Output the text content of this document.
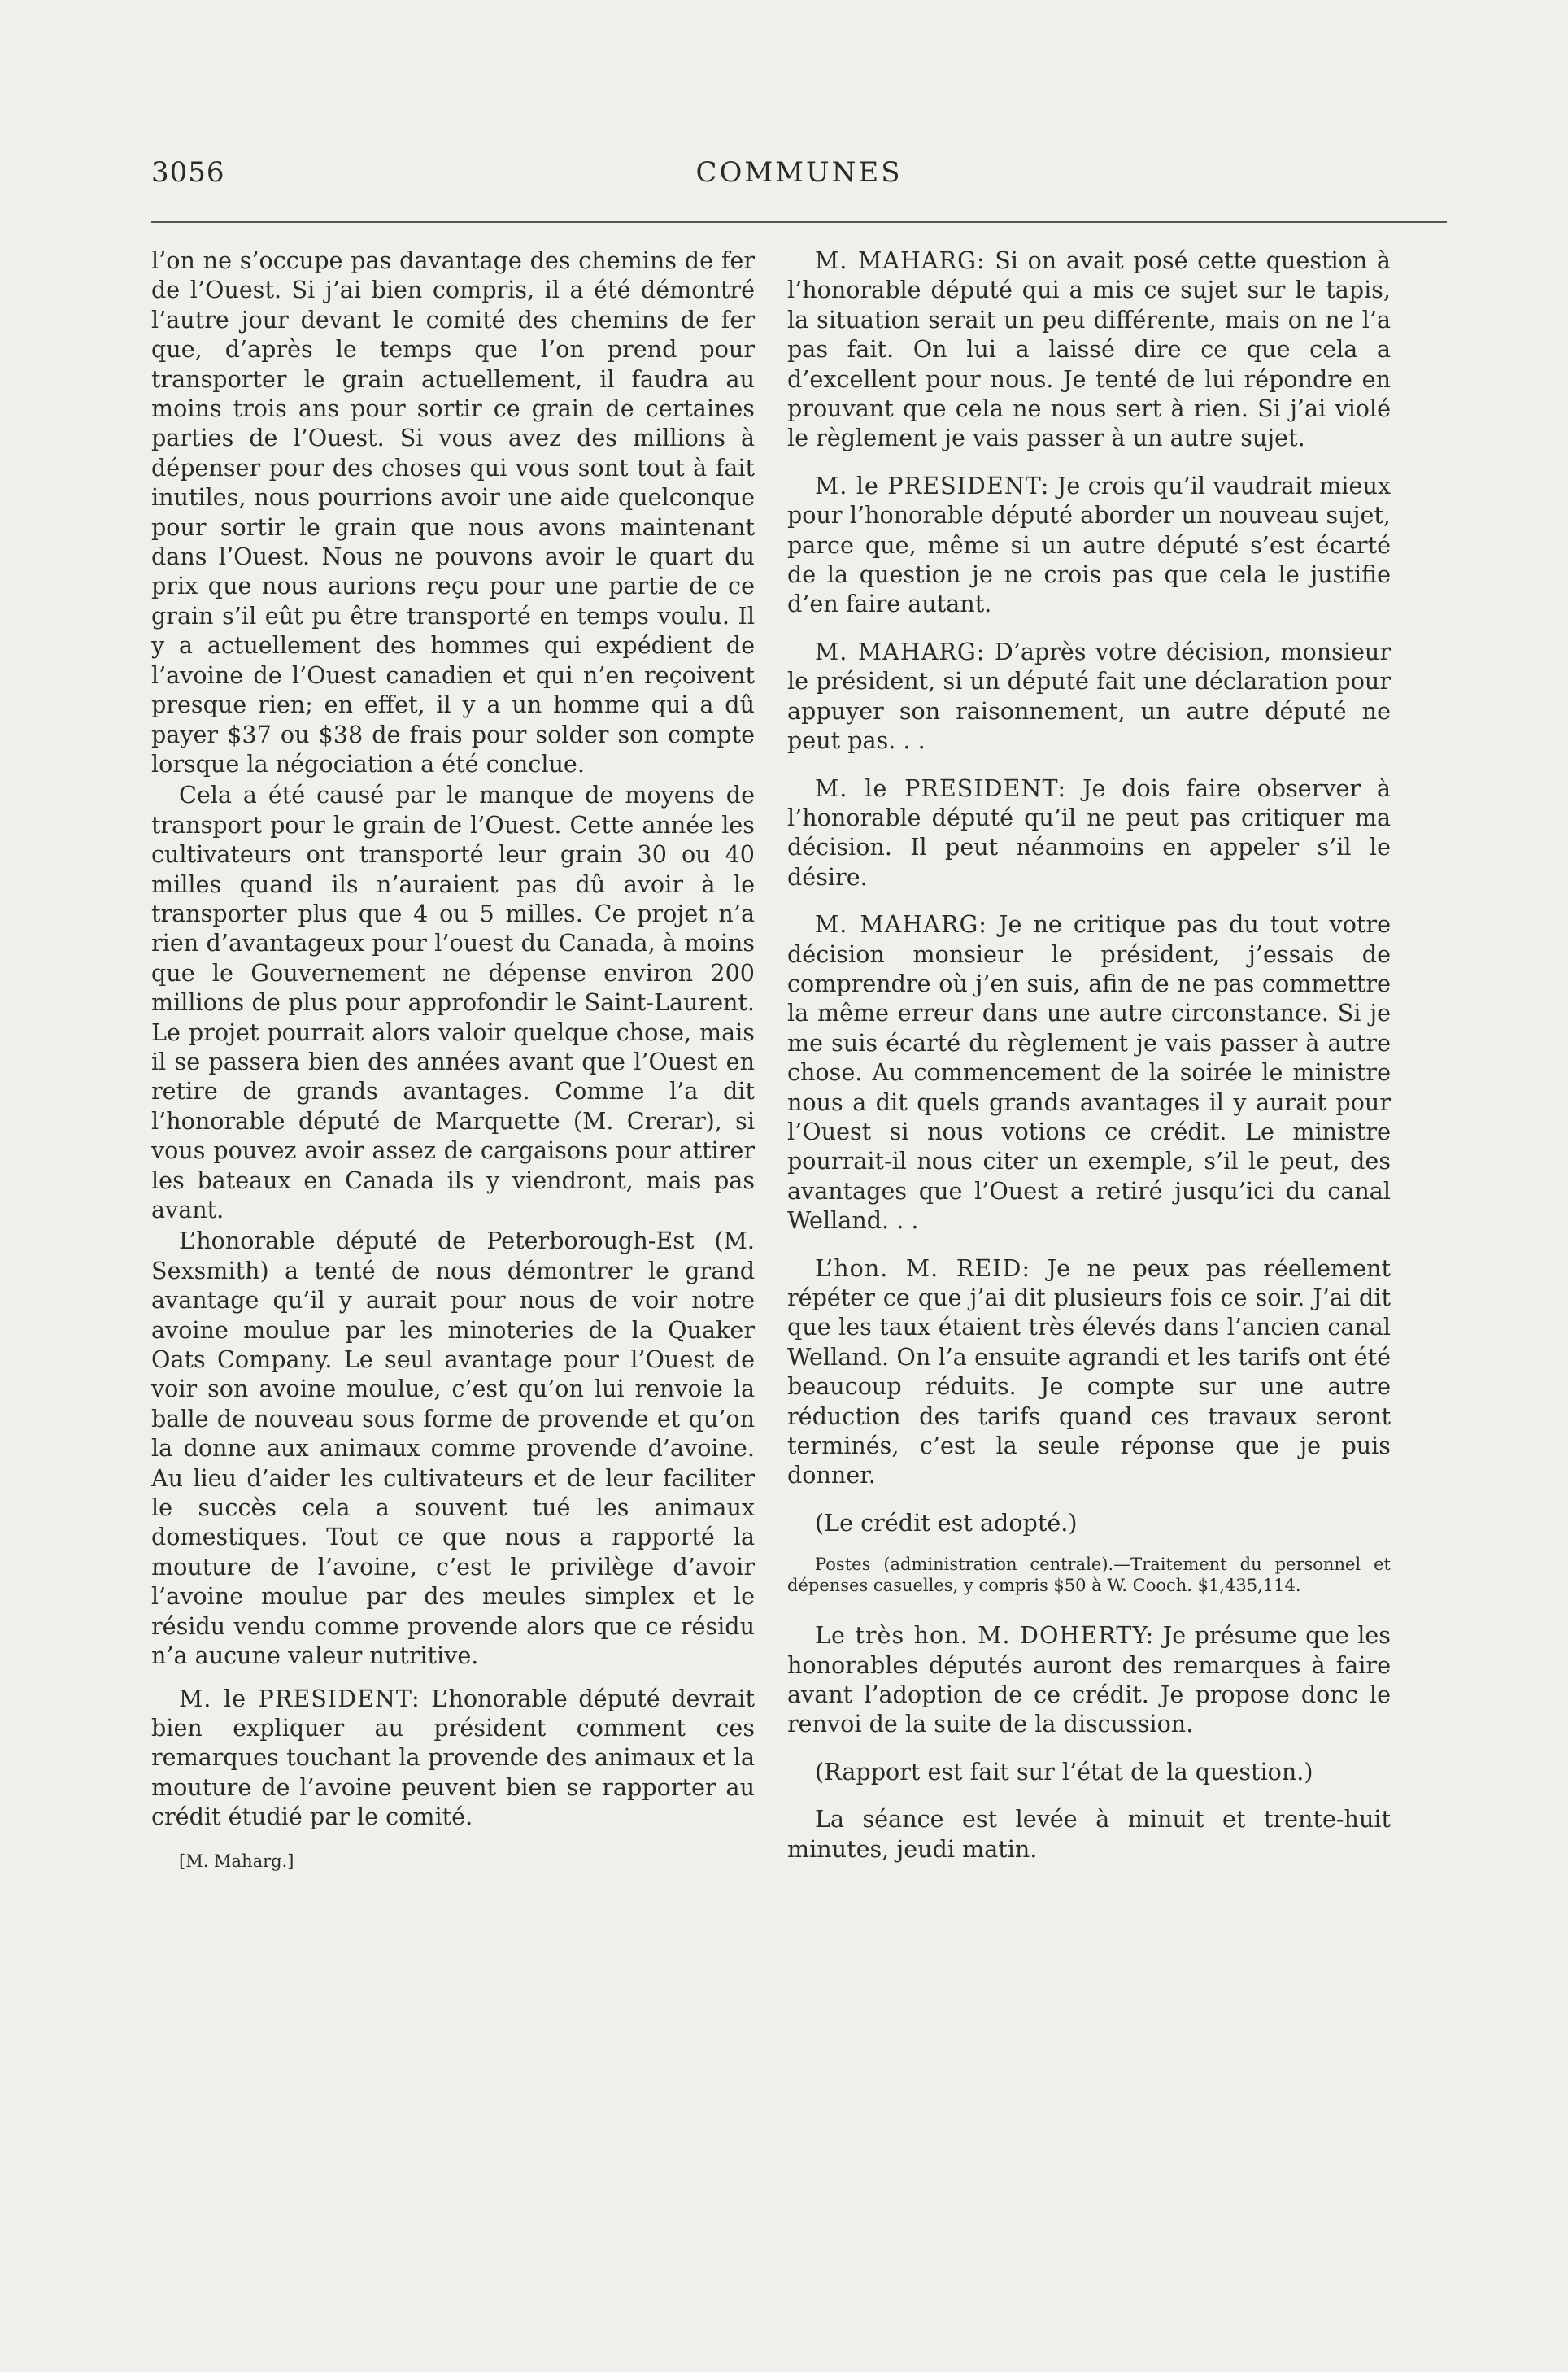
3056	COMMUNES

l’on ne s’occupe pas davantage des chemins de fer de l’Ouest. Si j’ai bien compris, il a été démontré l’autre jour devant le comité des chemins de fer que, d’après le temps que l’on prend pour transporter le grain actuellement, il faudra au moins trois ans pour sortir ce grain de certaines parties de l’Ouest. Si vous avez des millions à dépenser pour des choses qui vous sont tout à fait inutiles, nous pourrions avoir une aide quelconque pour sortir le grain que nous avons maintenant dans l’Ouest. Nous ne pouvons avoir le quart du prix que nous aurions reçu pour une partie de ce grain s’il eût pu être transporté en temps voulu. Il y a actuellement des hommes qui expédient de l’avoine de l’Ouest canadien et qui n’en reçoivent presque rien; en effet, il y a un homme qui a dû payer $37 ou $38 de frais pour solder son compte lorsque la négociation a été conclue.

Cela a été causé par le manque de moyens de transport pour le grain de l’Ouest. Cette année les cultivateurs ont transporté leur grain 30 ou 40 milles quand ils n’auraient pas dû avoir à le transporter plus que 4 ou 5 milles. Ce projet n’a rien d’avantageux pour l’ouest du Canada, à moins que le Gouvernement ne dépense environ 200 millions de plus pour approfondir le Saint-Laurent. Le projet pourrait alors valoir quelque chose, mais il se passera bien des années avant que l’Ouest en retire de grands avantages. Comme l’a dit l’honorable député de Marquette (M. Crerar), si vous pouvez avoir assez de cargaisons pour attirer les bateaux en Canada ils y viendront, mais pas avant.

L’honorable député de Peterborough-Est (M. Sexsmith) a tenté de nous démontrer le grand avantage qu’il y aurait pour nous de voir notre avoine moulue par les minoteries de la Quaker Oats Company. Le seul avantage pour l’Ouest de voir son avoine moulue, c’est qu’on lui renvoie la balle de nouveau sous forme de provende et qu’on la donne aux animaux comme provende d’avoine. Au lieu d’aider les cultivateurs et de leur faciliter le succès cela a souvent tué les animaux domestiques. Tout ce que nous a rapporté la mouture de l’avoine, c’est le privilège d’avoir l’avoine moulue par des meules simplex et le résidu vendu comme provende alors que ce résidu n’a aucune valeur nutritive.

M. le PRESIDENT: L’honorable député devrait bien expliquer au président comment ces remarques touchant la provende des animaux et la mouture de l’avoine peuvent bien se rapporter au crédit étudié par le comité.

[M. Maharg.]

M. MAHARG: Si on avait posé cette question à l’honorable député qui a mis ce sujet sur le tapis, la situation serait un peu différente, mais on ne l’a pas fait. On lui a laissé dire ce que cela a d’excellent pour nous. Je tenté de lui répondre en prouvant que cela ne nous sert à rien. Si j’ai violé le règlement je vais passer à un autre sujet.

M. le PRESIDENT: Je crois qu’il vaudrait mieux pour l’honorable député aborder un nouveau sujet, parce que, même si un autre député s’est écarté de la question je ne crois pas que cela le justifie d’en faire autant.

M. MAHARG: D’après votre décision, monsieur le président, si un député fait une déclaration pour appuyer son raisonnement, un autre député ne peut pas. . .

M. le PRESIDENT: Je dois faire observer à l’honorable député qu’il ne peut pas critiquer ma décision. Il peut néanmoins en appeler s’il le désire.

M. MAHARG: Je ne critique pas du tout votre décision monsieur le président, j’essais de comprendre où j’en suis, afin de ne pas commettre la même erreur dans une autre circonstance. Si je me suis écarté du règlement je vais passer à autre chose. Au commencement de la soirée le ministre nous a dit quels grands avantages il y aurait pour l’Ouest si nous votions ce crédit. Le ministre pourrait-il nous citer un exemple, s’il le peut, des avantages que l’Ouest a retiré jusqu’ici du canal Welland. . .

L’hon. M. REID: Je ne peux pas réellement répéter ce que j’ai dit plusieurs fois ce soir. J’ai dit que les taux étaient très élevés dans l’ancien canal Welland. On l’a ensuite agrandi et les tarifs ont été beaucoup réduits. Je compte sur une autre réduction des tarifs quand ces travaux seront terminés, c’est la seule réponse que je puis donner.

(Le crédit est adopté.)

Postes (administration centrale).—Traitement du personnel et dépenses casuelles, y compris $50 à W. Cooch. $1,435,114.

Le très hon. M. DOHERTY: Je présume que les honorables députés auront des remarques à faire avant l’adoption de ce crédit. Je propose donc le renvoi de la suite de la discussion.

(Rapport est fait sur l’état de la question.)

La séance est levée à minuit et trente-huit minutes, jeudi matin.
